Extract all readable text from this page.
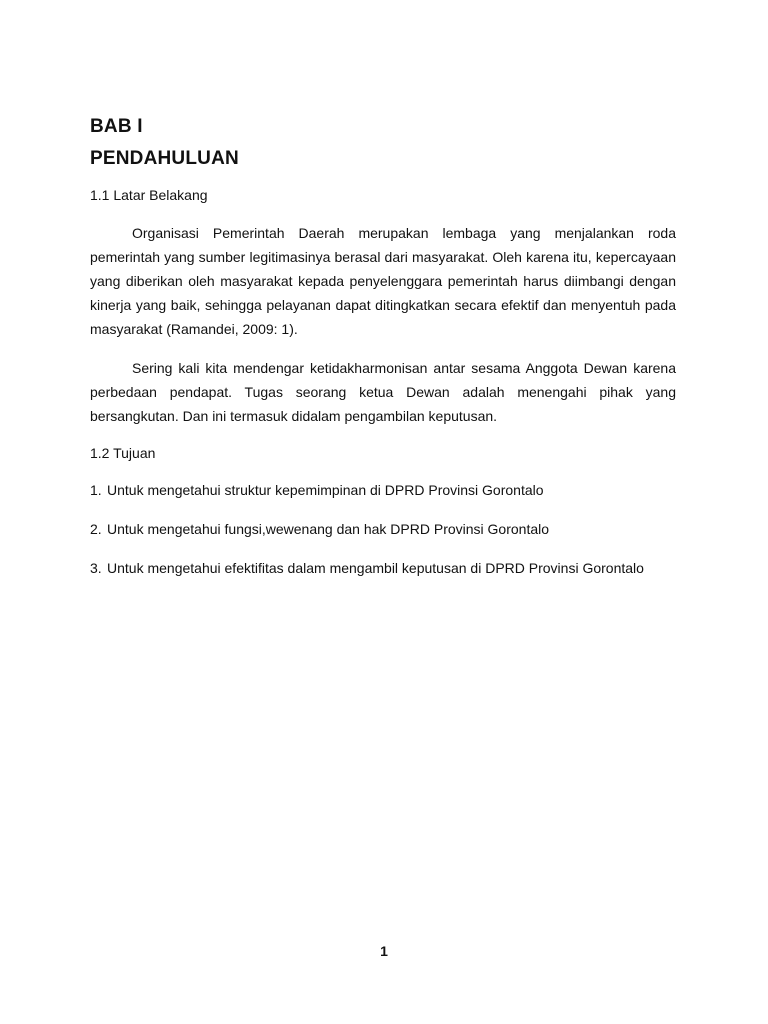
BAB I
PENDAHULUAN

1.1 Latar Belakang

Organisasi Pemerintah Daerah merupakan lembaga yang menjalankan roda pemerintah yang sumber legitimasinya berasal dari masyarakat. Oleh karena itu, kepercayaan yang diberikan oleh masyarakat kepada penyelenggara pemerintah harus diimbangi dengan kinerja yang baik, sehingga pelayanan dapat ditingkatkan secara efektif dan menyentuh pada masyarakat (Ramandei, 2009: 1).

Sering kali kita mendengar ketidakharmonisan antar sesama Anggota Dewan karena perbedaan pendapat. Tugas seorang ketua Dewan adalah menengahi pihak yang bersangkutan. Dan ini termasuk didalam pengambilan keputusan.

1.2 Tujuan

1. Untuk mengetahui struktur kepemimpinan di DPRD Provinsi Gorontalo
2. Untuk mengetahui fungsi,wewenang dan hak DPRD Provinsi Gorontalo
3. Untuk mengetahui efektifitas dalam mengambil keputusan di DPRD Provinsi Gorontalo
1
